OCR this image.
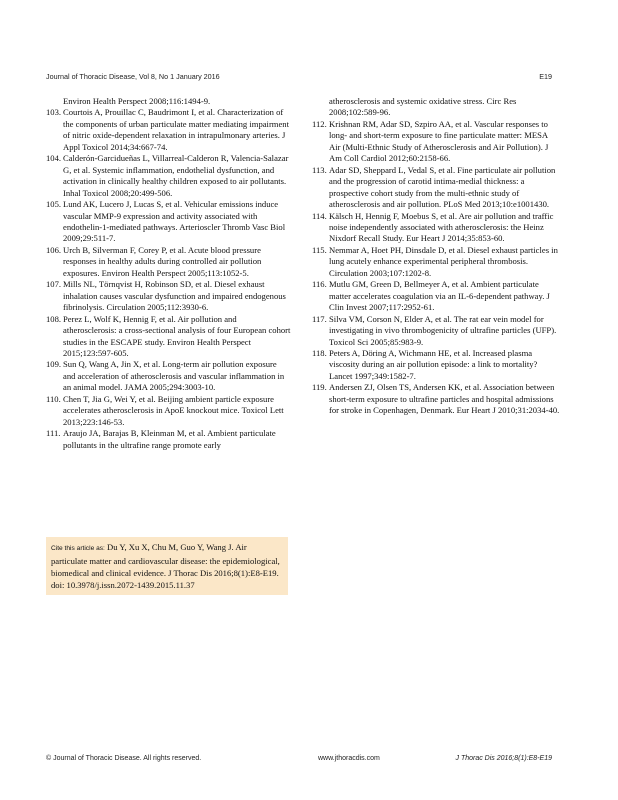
Journal of Thoracic Disease, Vol 8, No 1 January 2016	E19

Environ Health Perspect 2008;116:1494-9.

103. Courtois A, Prouillac C, Baudrimont I, et al. Characterization of the components of urban particulate matter mediating impairment of nitric oxide-dependent relaxation in intrapulmonary arteries. J Appl Toxicol 2014;34:667-74.

104. Calderón-Garcidueñas L, Villarreal-Calderon R, Valencia-Salazar G, et al. Systemic inflammation, endothelial dysfunction, and activation in clinically healthy children exposed to air pollutants. Inhal Toxicol 2008;20:499-506.

105. Lund AK, Lucero J, Lucas S, et al. Vehicular emissions induce vascular MMP-9 expression and activity associated with endothelin-1-mediated pathways. Arterioscler Thromb Vasc Biol 2009;29:511-7.

106. Urch B, Silverman F, Corey P, et al. Acute blood pressure responses in healthy adults during controlled air pollution exposures. Environ Health Perspect 2005;113:1052-5.

107. Mills NL, Törnqvist H, Robinson SD, et al. Diesel exhaust inhalation causes vascular dysfunction and impaired endogenous fibrinolysis. Circulation 2005;112:3930-6.

108. Perez L, Wolf K, Hennig F, et al. Air pollution and atherosclerosis: a cross-sectional analysis of four European cohort studies in the ESCAPE study. Environ Health Perspect 2015;123:597-605.

109. Sun Q, Wang A, Jin X, et al. Long-term air pollution exposure and acceleration of atherosclerosis and vascular inflammation in an animal model. JAMA 2005;294:3003-10.

110. Chen T, Jia G, Wei Y, et al. Beijing ambient particle exposure accelerates atherosclerosis in ApoE knockout mice. Toxicol Lett 2013;223:146-53.

111. Araujo JA, Barajas B, Kleinman M, et al. Ambient particulate pollutants in the ultrafine range promote early

atherosclerosis and systemic oxidative stress. Circ Res 2008;102:589-96.

112. Krishnan RM, Adar SD, Szpiro AA, et al. Vascular responses to long- and short-term exposure to fine particulate matter: MESA Air (Multi-Ethnic Study of Atherosclerosis and Air Pollution). J Am Coll Cardiol 2012;60:2158-66.

113. Adar SD, Sheppard L, Vedal S, et al. Fine particulate air pollution and the progression of carotid intima-medial thickness: a prospective cohort study from the multi-ethnic study of atherosclerosis and air pollution. PLoS Med 2013;10:e1001430.

114. Kälsch H, Hennig F, Moebus S, et al. Are air pollution and traffic noise independently associated with atherosclerosis: the Heinz Nixdorf Recall Study. Eur Heart J 2014;35:853-60.

115. Nemmar A, Hoet PH, Dinsdale D, et al. Diesel exhaust particles in lung acutely enhance experimental peripheral thrombosis. Circulation 2003;107:1202-8.

116. Mutlu GM, Green D, Bellmeyer A, et al. Ambient particulate matter accelerates coagulation via an IL-6-dependent pathway. J Clin Invest 2007;117:2952-61.

117. Silva VM, Corson N, Elder A, et al. The rat ear vein model for investigating in vivo thrombogenicity of ultrafine particles (UFP). Toxicol Sci 2005;85:983-9.

118. Peters A, Döring A, Wichmann HE, et al. Increased plasma viscosity during an air pollution episode: a link to mortality? Lancet 1997;349:1582-7.

119. Andersen ZJ, Olsen TS, Andersen KK, et al. Association between short-term exposure to ultrafine particles and hospital admissions for stroke in Copenhagen, Denmark. Eur Heart J 2010;31:2034-40.

Cite this article as: Du Y, Xu X, Chu M, Guo Y, Wang J. Air particulate matter and cardiovascular disease: the epidemiological, biomedical and clinical evidence. J Thorac Dis 2016;8(1):E8-E19. doi: 10.3978/j.issn.2072-1439.2015.11.37
© Journal of Thoracic Disease. All rights reserved.	www.jthoracdis.com	J Thorac Dis 2016;8(1):E8-E19
